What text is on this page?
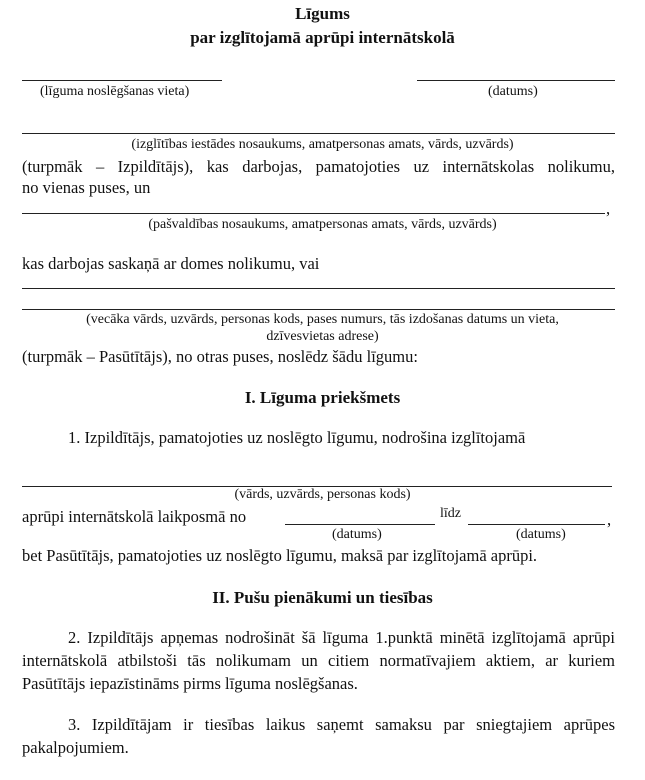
Līgums
par izglītojamā aprūpi internātskolā
(līguma noslēgšanas vieta)	(datums)
(izglītības iestādes nosaukums, amatpersonas amats, vārds, uzvārds)
(turpmāk – Izpildītājs), kas darbojas, pamatojoties uz internātskolas nolikumu,
no vienas puses, un
,
(pašvaldības nosaukums, amatpersonas amats, vārds, uzvārds)
kas darbojas saskaņā ar domes nolikumu, vai
(vecāka vārds, uzvārds, personas kods, pases numurs, tās izdošanas datums un vieta,
dzīvesvietas adrese)
(turpmāk – Pasūtītājs), no otras puses, noslēdz šādu līgumu:
I. Līguma priekšmets
1. Izpildītājs, pamatojoties uz noslēgto līgumu, nodrošina izglītojamā
(vārds, uzvārds, personas kods)
aprūpi internātskolā laikposmā no	līdz	,
(datums)	(datums)
bet Pasūtītājs, pamatojoties uz noslēgto līgumu, maksā par izglītojamā aprūpi.
II. Pušu pienākumi un tiesības
2. Izpildītājs apņemas nodrošināt šā līguma 1.punktā minētā izglītojamā aprūpi internātskolā atbilstoši tās nolikumam un citiem normatīvajiem aktiem, ar kuriem Pasūtītājs iepazīstināms pirms līguma noslēgšanas.
3. Izpildītājam ir tiesības laikus saņemt samaksu par sniegtajiem aprūpes pakalpojumiem.
